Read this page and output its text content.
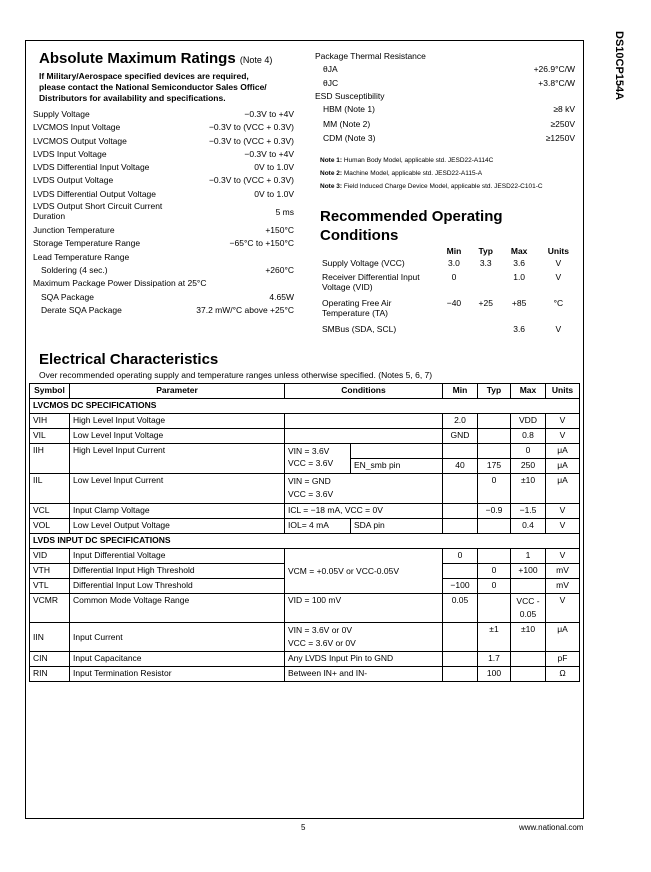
DS10CP154A
Absolute Maximum Ratings (Note 4)
If Military/Aerospace specified devices are required,
please contact the National Semiconductor Sales Office/
Distributors for availability and specifications.
Supply Voltage	−0.3V to +4V
LVCMOS Input Voltage	−0.3V to (VCC + 0.3V)
LVCMOS Output Voltage	−0.3V to (VCC + 0.3V)
LVDS Input Voltage	−0.3V to +4V
LVDS Differential Input Voltage	0V to 1.0V
LVDS Output Voltage	−0.3V to (VCC + 0.3V)
LVDS Differential Output Voltage	0V to 1.0V
LVDS Output Short Circuit Current Duration	5 ms
Junction Temperature	+150°C
Storage Temperature Range	−65°C to +150°C
Lead Temperature Range
Soldering (4 sec.)	+260°C
Maximum Package Power Dissipation at 25°C
SQA Package	4.65W
Derate SQA Package	37.2 mW/°C above +25°C
Package Thermal Resistance
θJA	+26.9°C/W
θJC	+3.8°C/W
ESD Susceptibility
HBM (Note 1)	≥8 kV
MM (Note 2)	≥250V
CDM (Note 3)	≥1250V
Note 1: Human Body Model, applicable std. JESD22-A114C
Note 2: Machine Model, applicable std. JESD22-A115-A
Note 3: Field Induced Charge Device Model, applicable std. JESD22-C101-C
Recommended Operating Conditions
	Min	Typ	Max	Units
Supply Voltage (VCC)	3.0	3.3	3.6	V
Receiver Differential Input Voltage (VID)	0		1.0	V
Operating Free Air Temperature (TA)	−40	+25	+85	°C
SMBus (SDA, SCL)			3.6	V
Electrical Characteristics
Over recommended operating supply and temperature ranges unless otherwise specified. (Notes 5, 6, 7)
Symbol	Parameter	Conditions		Min	Typ	Max	Units
LVCMOS DC SPECIFICATIONS							
VIH	High Level Input Voltage			2.0		VDD	V
VIL	Low Level Input Voltage			GND		0.8	V
IIH	High Level Input Current	VIN = 3.6V
VCC = 3.6V				0	μA
			EN_smb pin	40	175	250	μA
IIL	Low Level Input Current	VIN = GND
VCC = 3.6V			0	±10	μA
VCL	Input Clamp Voltage	ICL = −18 mA, VCC = 0V			−0.9	−1.5	V
VOL	Low Level Output Voltage	IOL= 4 mA	SDA pin			0.4	V
LVDS INPUT DC SPECIFICATIONS							
VID	Input Differential Voltage	VCM = +0.05V or VCC-0.05V		0		1	V
VTH	Differential Input High Threshold				0	+100	mV
VTL	Differential Input Low Threshold			−100	0		mV
VCMR	Common Mode Voltage Range	VID = 100 mV		0.05		VCC - 0.05	V
IIN	Input Current	VIN = 3.6V or 0V
VCC = 3.6V or 0V			±1	±10	μA
CIN	Input Capacitance	Any LVDS Input Pin to GND			1.7		pF
RIN	Input Termination Resistor	Between IN+ and IN-			100		Ω
5	www.national.com
